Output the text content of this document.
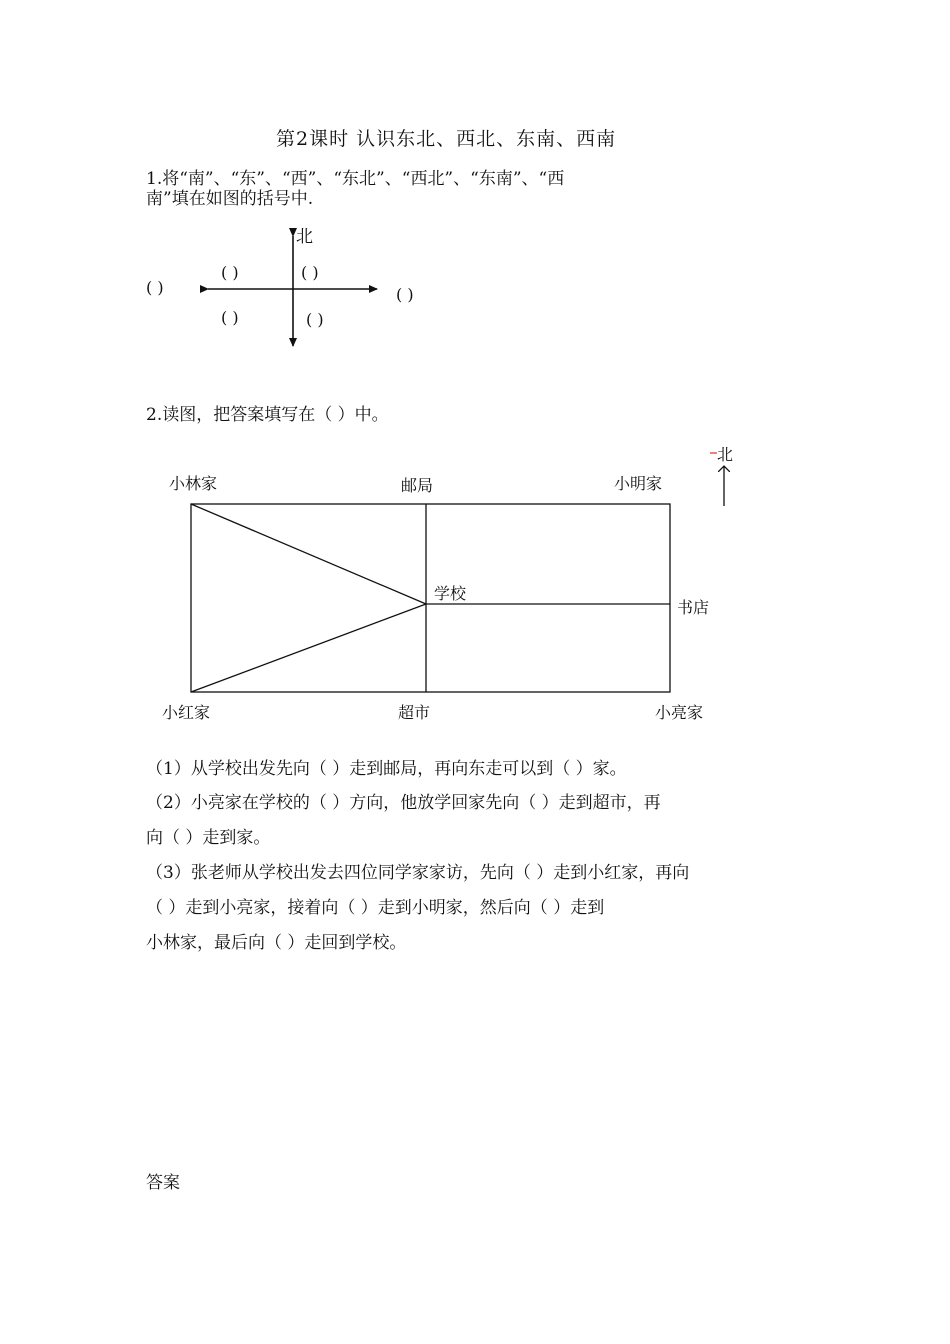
第2课时 认识东北、西北、东南、西南
1.将“南”、“东”、“西”、“东北”、“西北”、“东南”、“西
南”填在如图的括号中.
北
( )
( )	( )
( )
( )	( )
2.读图，把答案填写在（ ）中。
北
小林家	邮局	小明家
学校
书店
小红家	超市	小亮家
（1）从学校出发先向（ ）走到邮局，再向东走可以到（ ）家。
（2）小亮家在学校的（ ）方向，他放学回家先向（ ）走到超市，再
向（ ）走到家。
（3）张老师从学校出发去四位同学家家访，先向（ ）走到小红家，再向
（ ）走到小亮家，接着向（ ）走到小明家，然后向（ ）走到
小林家，最后向（ ）走回到学校。
答案
